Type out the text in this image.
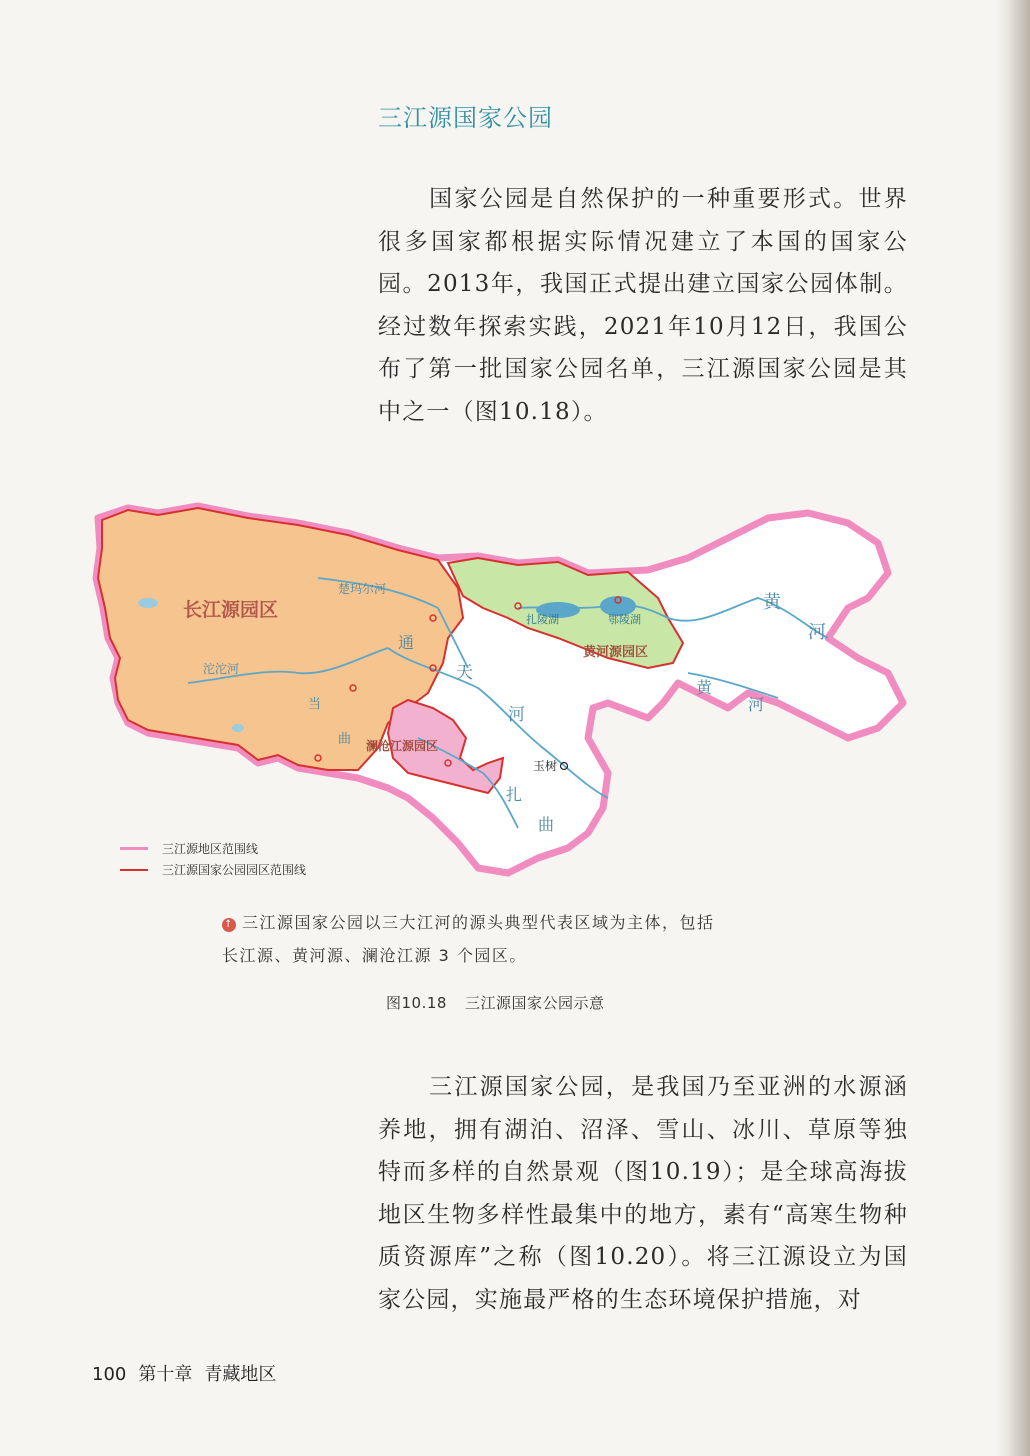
三江源国家公园

国家公园是自然保护的一种重要形式。世界很多国家都根据实际情况建立了本国的国家公园。2013年，我国正式提出建立国家公园体制。经过数年探索实践，2021年10月12日，我国公布了第一批国家公园名单，三江源国家公园是其中之一（图10.18）。

长江源园区
黄河源园区
澜沧江源园区
玉树
沱沱河
楚玛尔河
通
天
河
当
曲
扎陵湖	鄂陵湖
黄
河
黄
河
扎
曲
三江源地区范围线
三江源国家公园园区范围线
↑ 三江源国家公园以三大江河的源头典型代表区域为主体，包括
长江源、黄河源、澜沧江源 3 个园区。
图10.18 三江源国家公园示意

三江源国家公园，是我国乃至亚洲的水源涵养地，拥有湖泊、沼泽、雪山、冰川、草原等独特而多样的自然景观（图10.19）；是全球高海拔地区生物多样性最集中的地方，素有“高寒生物种质资源库”之称（图10.20）。将三江源设立为国家公园，实施最严格的生态环境保护措施，对

100 第十章 青藏地区
